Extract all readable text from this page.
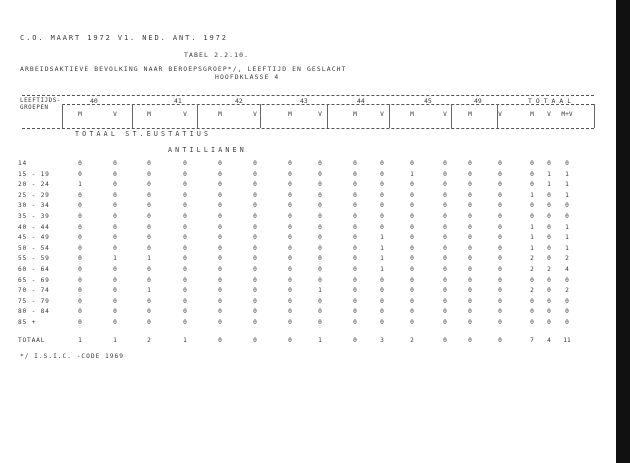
C.O. MAART 1972 V1. NED. ANT. 1972
TABEL 2.2.10.
ARBEIDSAKTIEVE BEVOLKING NAAR BEROEPSGROEP*/, LEEFTIJD EN GESLACHT
HOOFDKLASSE 4
LEEFTIJDS-
GROEPEN
40	41	42	43	44	45	49	TOTAAL
M	V	M	V	M	V	M	V	M	V	M	V	M	V	M	V	M+V
TOTAAL ST.EUSTATIUS
ANTILLIANEN
14	0	0	0	0	0	0	0	0	0	0	0	0	0	0	0	0	0
15 - 19	0	0	0	0	0	0	0	0	0	0	1	0	0	0	0	1	1
20 - 24	1	0	0	0	0	0	0	0	0	0	0	0	0	0	0	1	1
25 - 29	0	0	0	0	0	0	0	0	0	0	0	0	0	0	1	0	1
30 - 34	0	0	0	0	0	0	0	0	0	0	0	0	0	0	0	0	0
35 - 39	0	0	0	0	0	0	0	0	0	0	0	0	0	0	0	0	0
40 - 44	0	0	0	0	0	0	0	0	0	0	0	0	0	0	1	0	1
45 - 49	0	0	0	0	0	0	0	0	0	1	0	0	0	0	1	0	1
50 - 54	0	0	0	0	0	0	0	0	0	1	0	0	0	0	1	0	1
55 - 59	0	1	1	0	0	0	0	0	0	1	0	0	0	0	2	0	2
60 - 64	0	0	0	0	0	0	0	0	0	1	0	0	0	0	2	2	4
65 - 69	0	0	0	0	0	0	0	0	0	0	0	0	0	0	0	0	0
70 - 74	0	0	1	0	0	0	0	1	0	0	0	0	0	0	2	0	2
75 - 79	0	0	0	0	0	0	0	0	0	0	0	0	0	0	0	0	0
80 - 84	0	0	0	0	0	0	0	0	0	0	0	0	0	0	0	0	0
85 +	0	0	0	0	0	0	0	0	0	0	0	0	0	0	0	0	0
TOTAAL	1	1	2	1	0	0	0	1	0	3	2	0	0	0	7	4	11
*/ I.S.I.C. -CODE 1969
